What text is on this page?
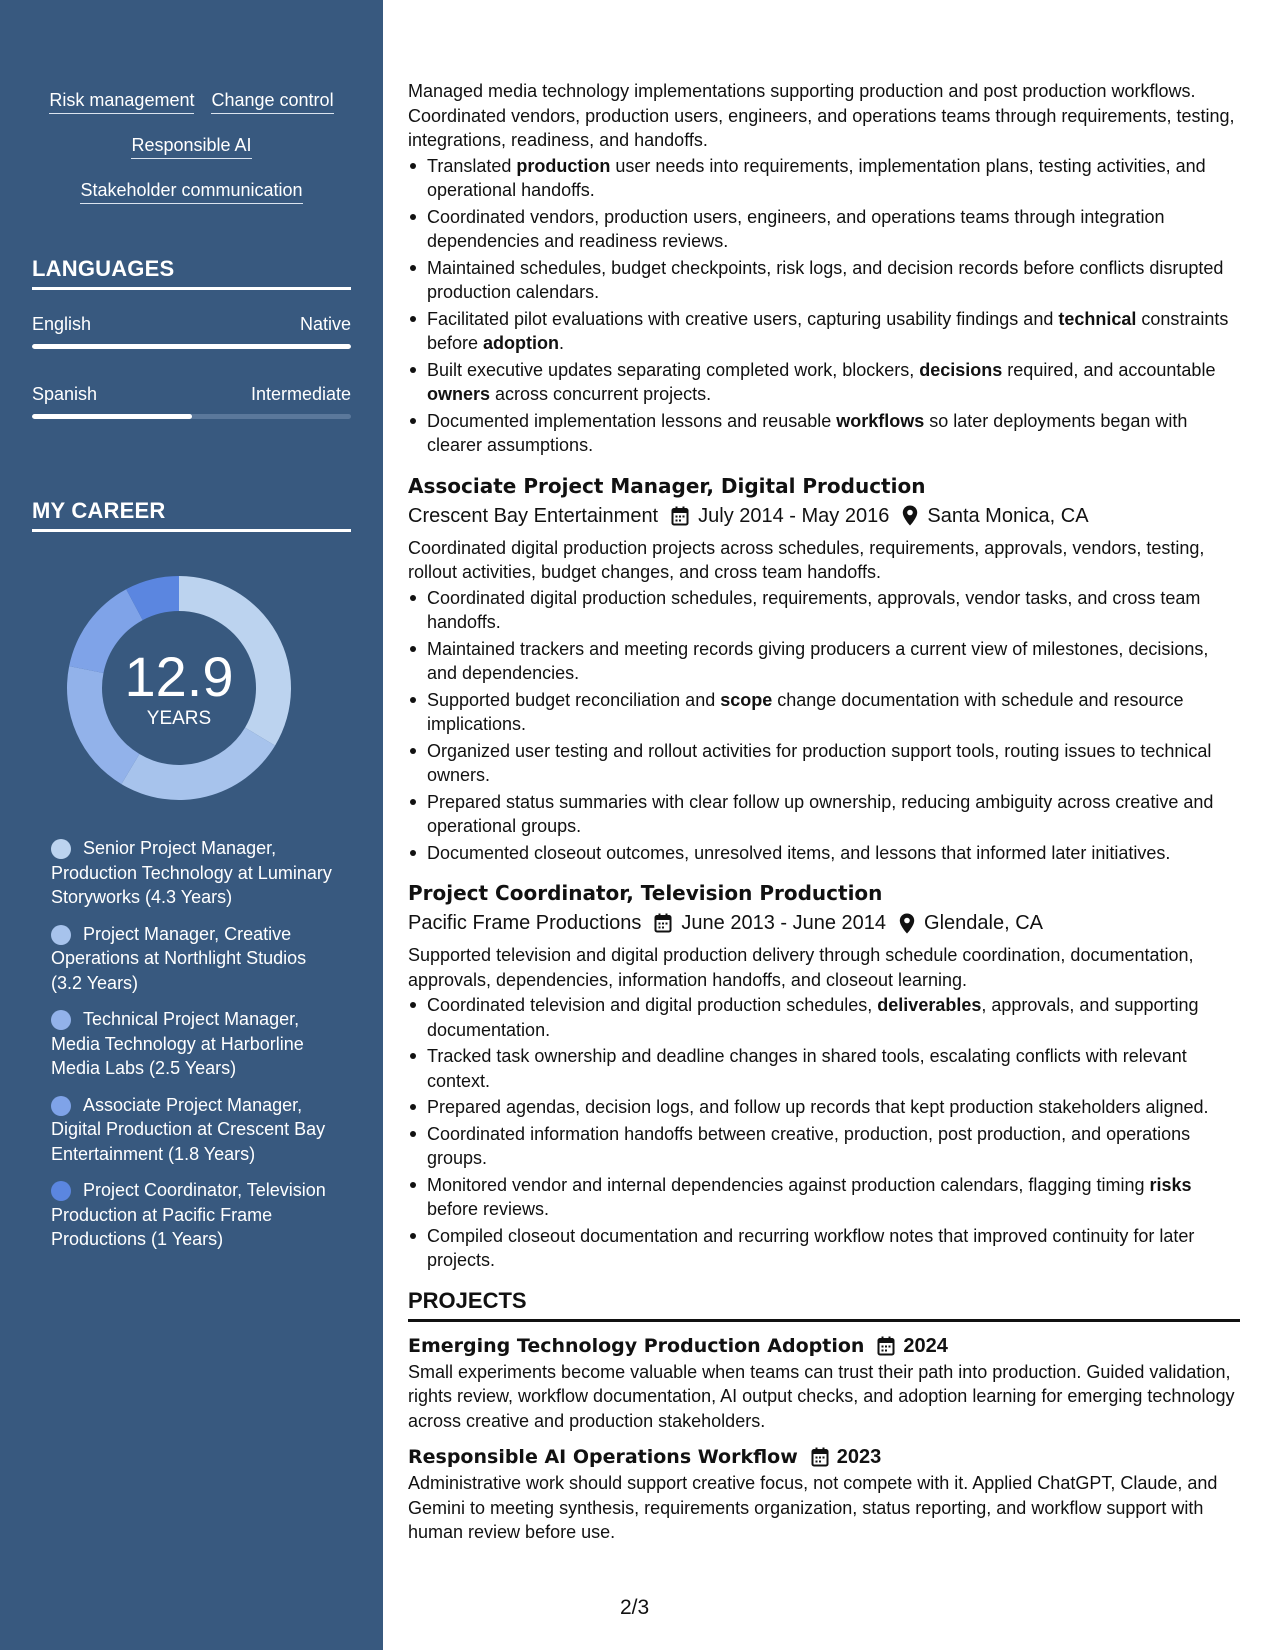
Risk management Change control
Responsible AI
Stakeholder communication
LANGUAGES
English	Native
Spanish	Intermediate
MY CAREER
12.9
YEARS
Senior Project Manager, Production Technology at Luminary Storyworks (4.3 Years)
Project Manager, Creative Operations at Northlight Studios (3.2 Years)
Technical Project Manager, Media Technology at Harborline Media Labs (2.5 Years)
Associate Project Manager, Digital Production at Crescent Bay Entertainment (1.8 Years)
Project Coordinator, Television Production at Pacific Frame Productions (1 Years)

Managed media technology implementations supporting production and post production workflows. Coordinated vendors, production users, engineers, and operations teams through requirements, testing, integrations, readiness, and handoffs.

Translated production user needs into requirements, implementation plans, testing activities, and operational handoffs.
Coordinated vendors, production users, engineers, and operations teams through integration dependencies and readiness reviews.
Maintained schedules, budget checkpoints, risk logs, and decision records before conflicts disrupted production calendars.
Facilitated pilot evaluations with creative users, capturing usability findings and technical constraints before adoption.
Built executive updates separating completed work, blockers, decisions required, and accountable owners across concurrent projects.
Documented implementation lessons and reusable workflows so later deployments began with clearer assumptions.
Associate Project Manager, Digital Production
Crescent Bay Entertainment July 2014 - May 2016 Santa Monica, CA

Coordinated digital production projects across schedules, requirements, approvals, vendors, testing, rollout activities, budget changes, and cross team handoffs.

Coordinated digital production schedules, requirements, approvals, vendor tasks, and cross team handoffs.
Maintained trackers and meeting records giving producers a current view of milestones, decisions, and dependencies.
Supported budget reconciliation and scope change documentation with schedule and resource implications.
Organized user testing and rollout activities for production support tools, routing issues to technical owners.
Prepared status summaries with clear follow up ownership, reducing ambiguity across creative and operational groups.
Documented closeout outcomes, unresolved items, and lessons that informed later initiatives.
Project Coordinator, Television Production
Pacific Frame Productions June 2013 - June 2014 Glendale, CA

Supported television and digital production delivery through schedule coordination, documentation, approvals, dependencies, information handoffs, and closeout learning.

Coordinated television and digital production schedules, deliverables, approvals, and supporting documentation.
Tracked task ownership and deadline changes in shared tools, escalating conflicts with relevant context.
Prepared agendas, decision logs, and follow up records that kept production stakeholders aligned.
Coordinated information handoffs between creative, production, post production, and operations groups.
Monitored vendor and internal dependencies against production calendars, flagging timing risks before reviews.
Compiled closeout documentation and recurring workflow notes that improved continuity for later projects.
PROJECTS
Emerging Technology Production Adoption 2024

Small experiments become valuable when teams can trust their path into production. Guided validation, rights review, workflow documentation, AI output checks, and adoption learning for emerging technology across creative and production stakeholders.

Responsible AI Operations Workflow 2023

Administrative work should support creative focus, not compete with it. Applied ChatGPT, Claude, and Gemini to meeting synthesis, requirements organization, status reporting, and workflow support with human review before use.

2/3
